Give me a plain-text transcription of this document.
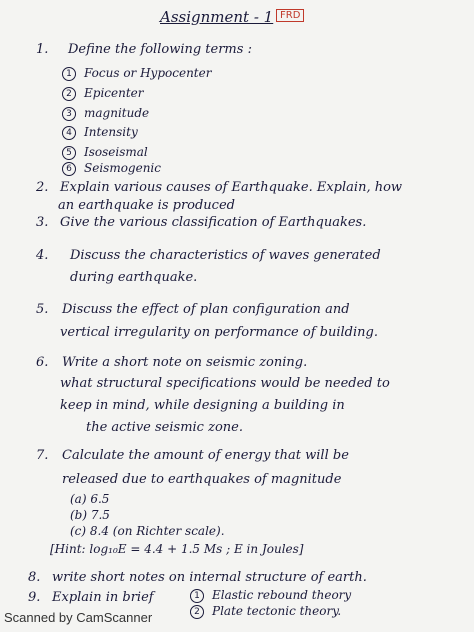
Assignment - 1 FRD
1. Define the following terms :
1 Focus or Hypocenter
2 Epicenter
3 magnitude
4 Intensity
5 Isoseismal
6 Seismogenic
2. Explain various causes of Earthquake. Explain, how
an earthquake is produced
3. Give the various classification of Earthquakes.
4. Discuss the characteristics of waves generated
during earthquake.
5. Discuss the effect of plan configuration and
vertical irregularity on performance of building.
6. Write a short note on seismic zoning.
what structural specifications would be needed to
keep in mind, while designing a building in
the active seismic zone.
7. Calculate the amount of energy that will be
released due to earthquakes of magnitude
(a) 6.5
(b) 7.5
(c) 8.4 (on Richter scale).
[Hint: log₁₀E = 4.4 + 1.5 Ms ; E in Joules]
8. write short notes on internal structure of earth.
9. Explain in brief	1 Elastic rebound theory
2 Plate tectonic theory.
Scanned by CamScanner
